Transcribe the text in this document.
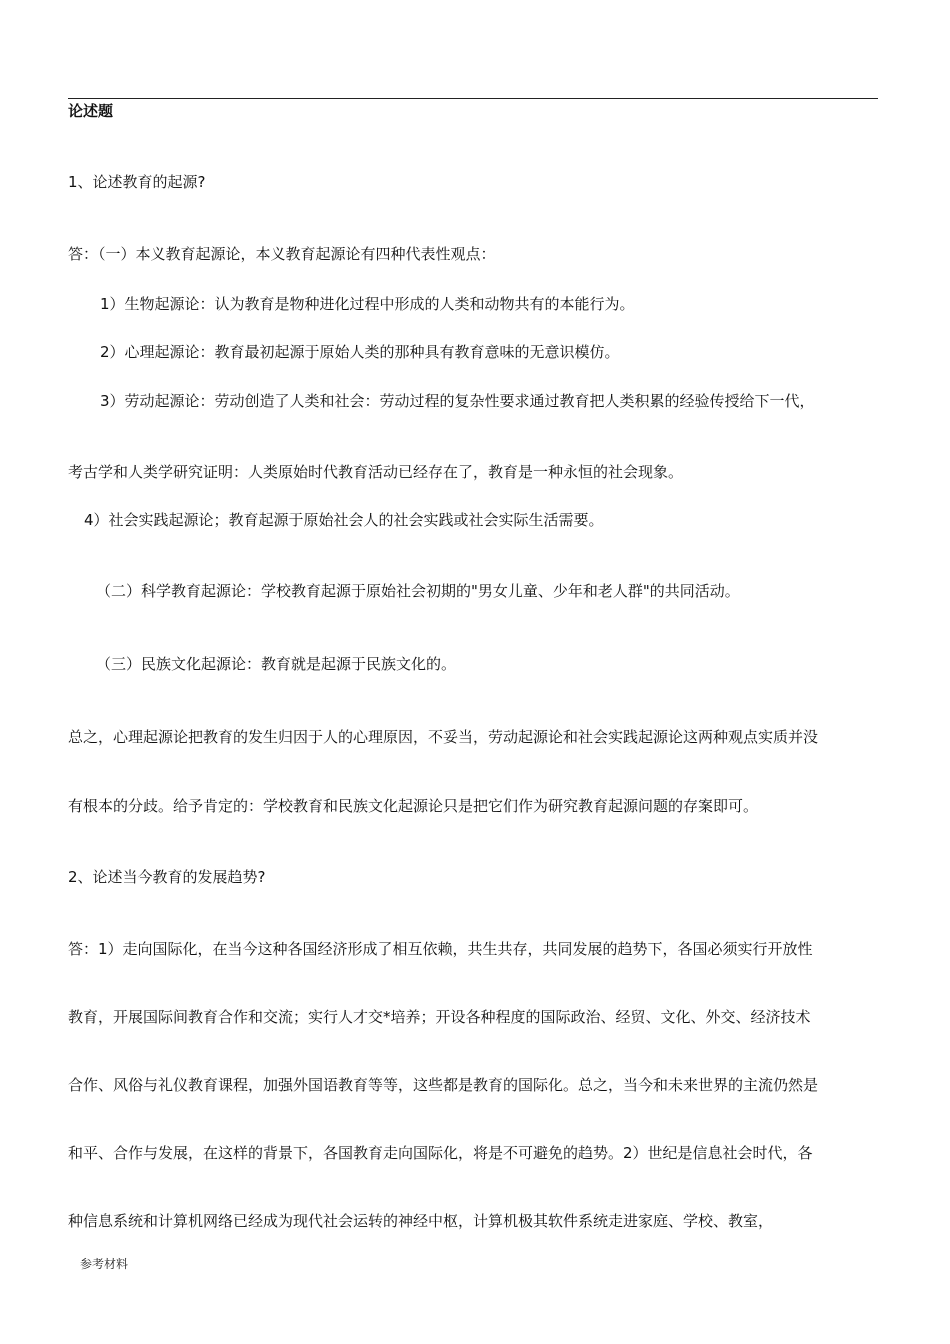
论述题
1、论述教育的起源?
答：（一）本义教育起源论，本义教育起源论有四种代表性观点：
1）生物起源论：认为教育是物种进化过程中形成的人类和动物共有的本能行为。
2）心理起源论：教育最初起源于原始人类的那种具有教育意味的无意识模仿。
3）劳动起源论：劳动创造了人类和社会：劳动过程的复杂性要求通过教育把人类积累的经验传授给下一代，
考古学和人类学研究证明：人类原始时代教育活动已经存在了，教育是一种永恒的社会现象。
4）社会实践起源论；教育起源于原始社会人的社会实践或社会实际生活需要。
（二）科学教育起源论：学校教育起源于原始社会初期的"男女儿童、少年和老人群"的共同活动。
（三）民族文化起源论：教育就是起源于民族文化的。
总之，心理起源论把教育的发生归因于人的心理原因，不妥当，劳动起源论和社会实践起源论这两种观点实质并没
有根本的分歧。给予肯定的：学校教育和民族文化起源论只是把它们作为研究教育起源问题的存案即可。
2、论述当今教育的发展趋势?
答：1）走向国际化，在当今这种各国经济形成了相互依赖，共生共存，共同发展的趋势下，各国必须实行开放性
教育，开展国际间教育合作和交流；实行人才交*培养；开设各种程度的国际政治、经贸、文化、外交、经济技术
合作、风俗与礼仪教育课程，加强外国语教育等等，这些都是教育的国际化。总之，当今和未来世界的主流仍然是
和平、合作与发展，在这样的背景下，各国教育走向国际化，将是不可避免的趋势。2）世纪是信息社会时代，各
种信息系统和计算机网络已经成为现代社会运转的神经中枢，计算机极其软件系统走进家庭、学校、教室，
参考材料
